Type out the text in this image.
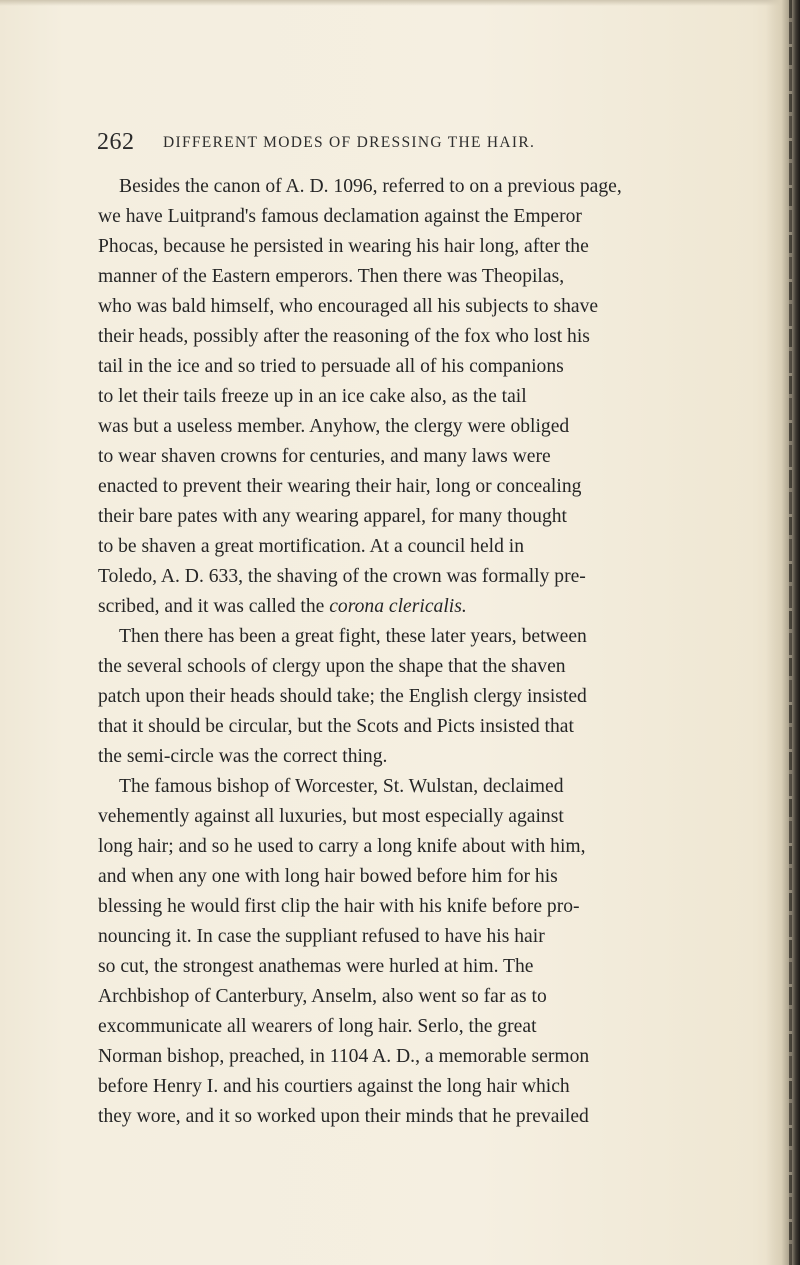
262 DIFFERENT MODES OF DRESSING THE HAIR.
Besides the canon of A. D. 1096, referred to on a previous page,
we have Luitprand's famous declamation against the Emperor
Phocas, because he persisted in wearing his hair long, after the
manner of the Eastern emperors. Then there was Theopilas,
who was bald himself, who encouraged all his subjects to shave
their heads, possibly after the reasoning of the fox who lost his
tail in the ice and so tried to persuade all of his companions
to let their tails freeze up in an ice cake also, as the tail
was but a useless member. Anyhow, the clergy were obliged
to wear shaven crowns for centuries, and many laws were
enacted to prevent their wearing their hair, long or concealing
their bare pates with any wearing apparel, for many thought
to be shaven a great mortification. At a council held in
Toledo, A. D. 633, the shaving of the crown was formally pre-
scribed, and it was called the corona clericalis.
Then there has been a great fight, these later years, between
the several schools of clergy upon the shape that the shaven
patch upon their heads should take; the English clergy insisted
that it should be circular, but the Scots and Picts insisted that
the semi-circle was the correct thing.
The famous bishop of Worcester, St. Wulstan, declaimed
vehemently against all luxuries, but most especially against
long hair; and so he used to carry a long knife about with him,
and when any one with long hair bowed before him for his
blessing he would first clip the hair with his knife before pro-
nouncing it. In case the suppliant refused to have his hair
so cut, the strongest anathemas were hurled at him. The
Archbishop of Canterbury, Anselm, also went so far as to
excommunicate all wearers of long hair. Serlo, the great
Norman bishop, preached, in 1104 A. D., a memorable sermon
before Henry I. and his courtiers against the long hair which
they wore, and it so worked upon their minds that he prevailed
